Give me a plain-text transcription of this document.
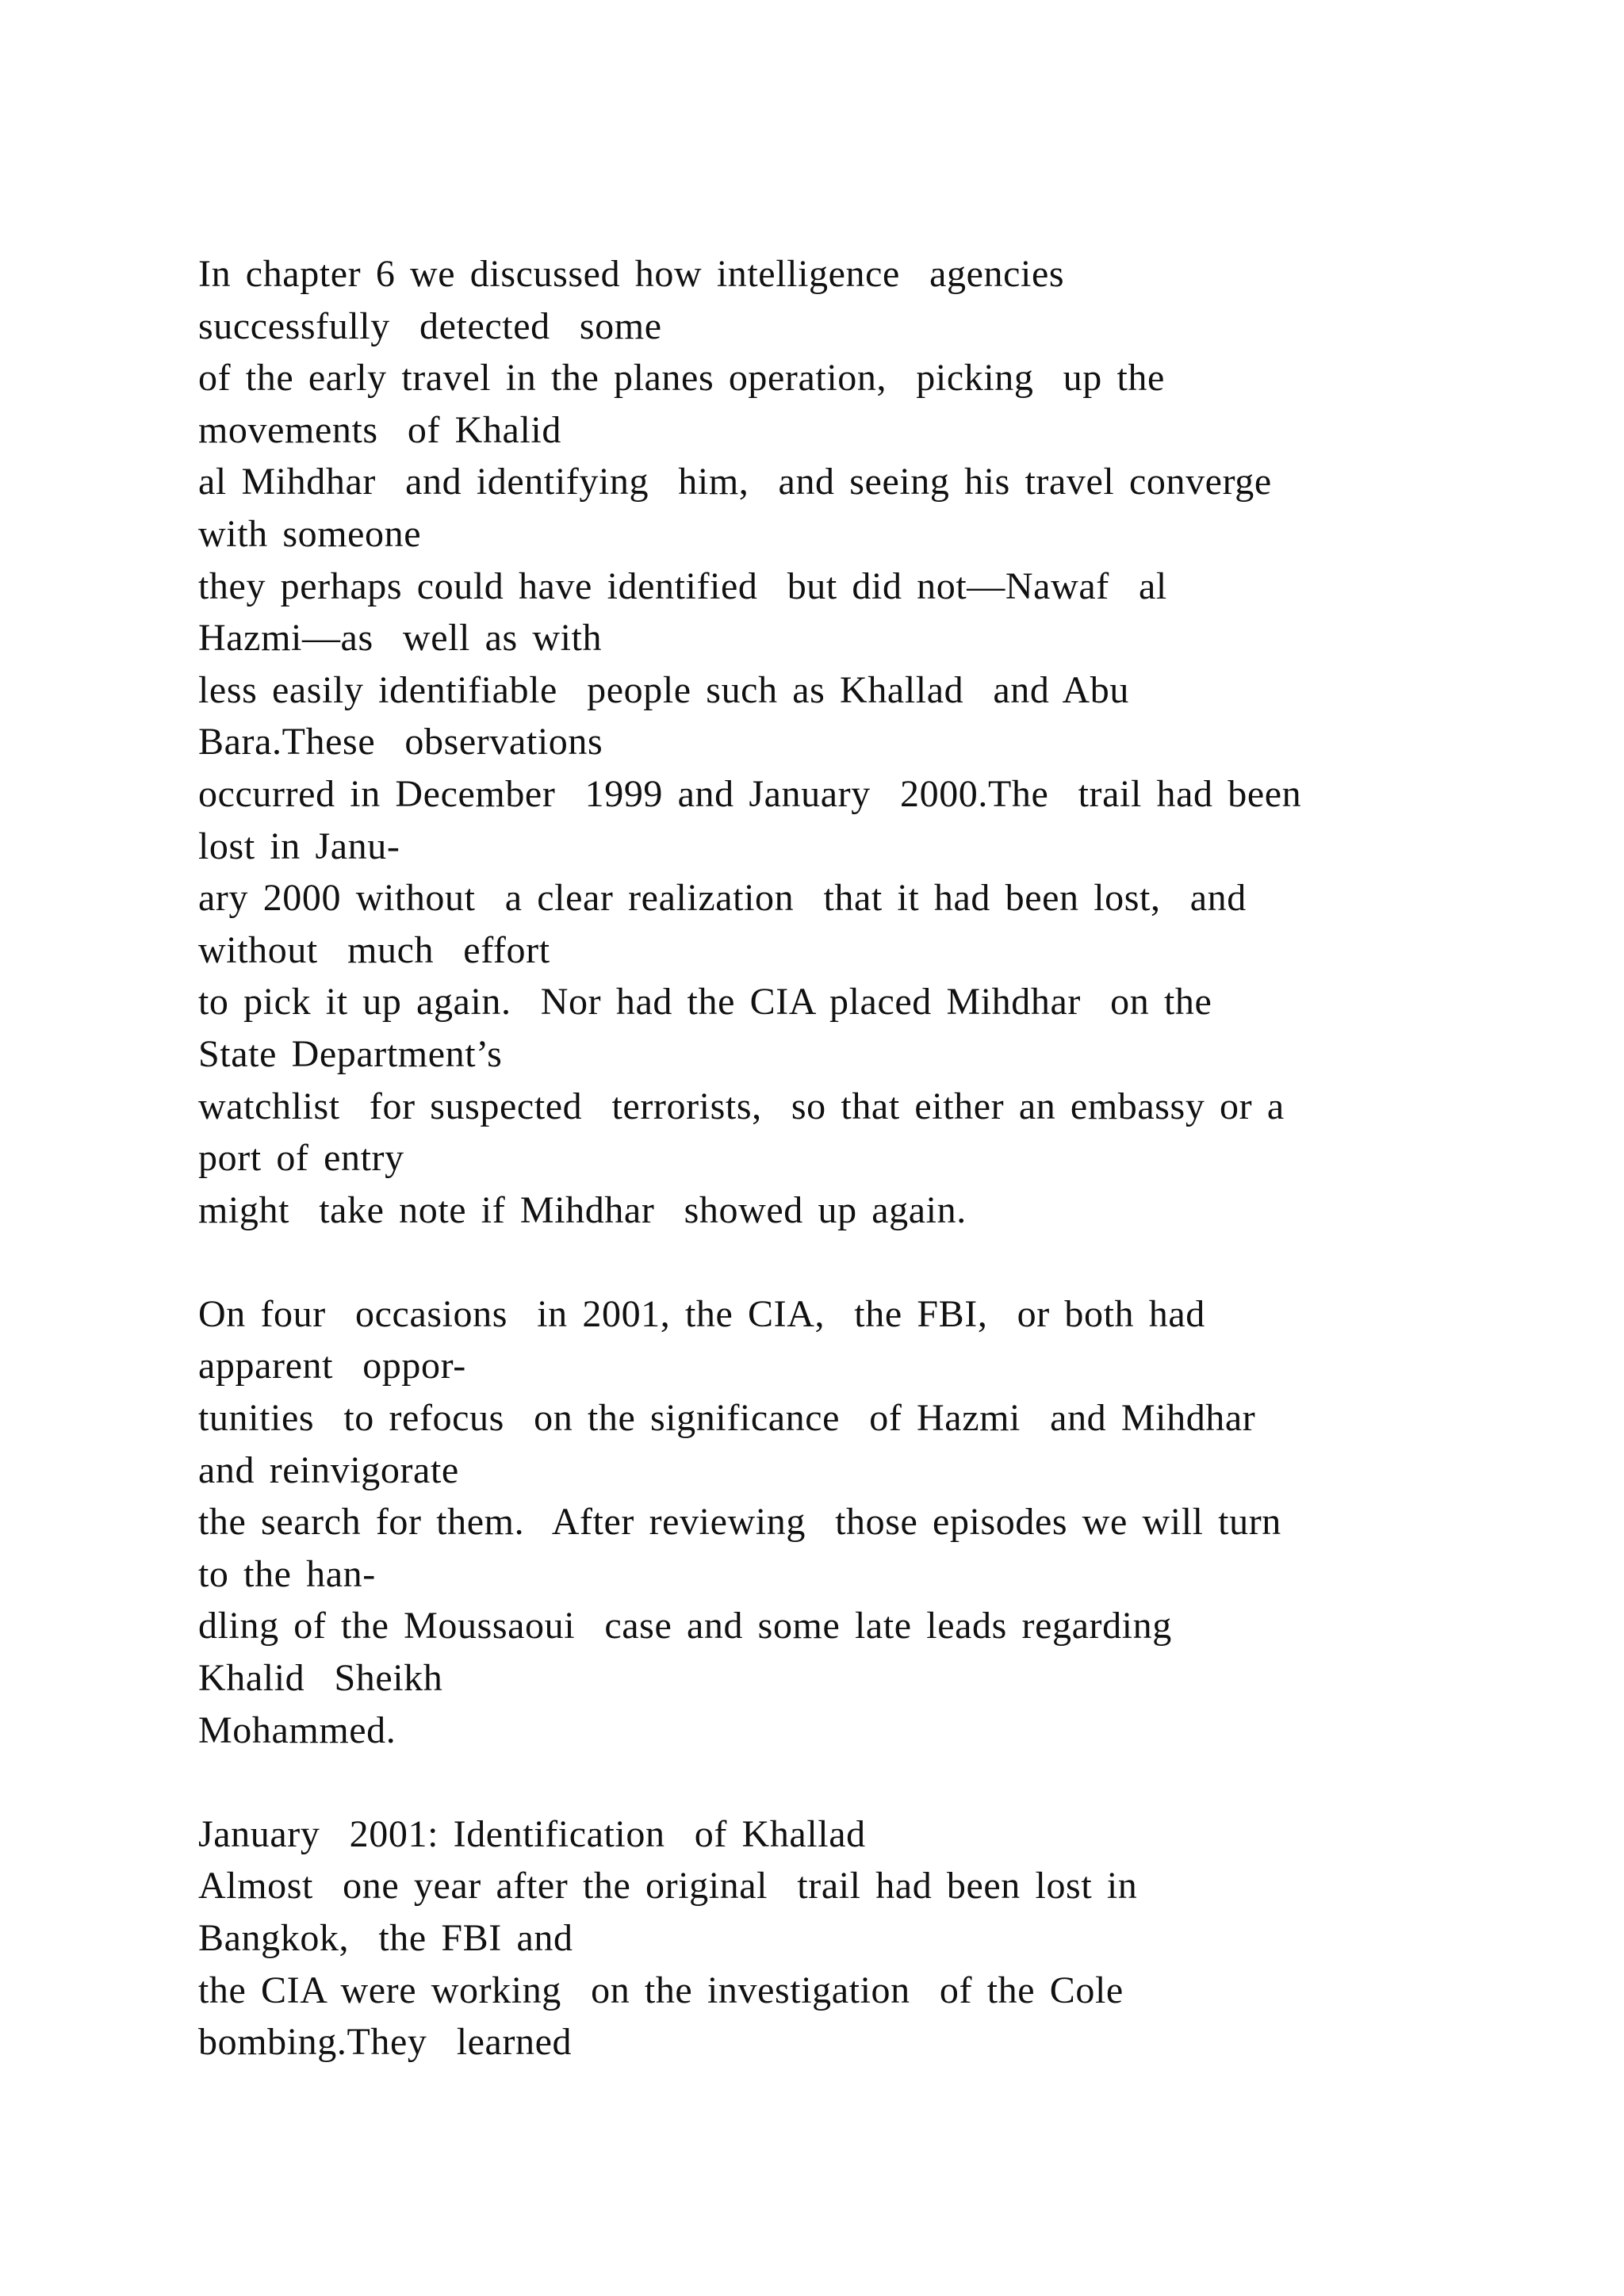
In chapter 6 we discussed how intelligence  agencies
successfully  detected  some
of the early travel in the planes operation,  picking  up the
movements  of Khalid
al Mihdhar  and identifying  him,  and seeing his travel converge
with someone
they perhaps could have identified  but did not—Nawaf  al
Hazmi—as  well as with
less easily identifiable  people such as Khallad  and Abu
Bara.These  observations
occurred in December  1999 and January  2000.The  trail had been
lost in Janu-
ary 2000 without  a clear realization  that it had been lost,  and
without  much  effort
to pick it up again.  Nor had the CIA placed Mihdhar  on the
State Department’s
watchlist  for suspected  terrorists,  so that either an embassy or a
port of entry
might  take note if Mihdhar  showed up again.
On four  occasions  in 2001, the CIA,  the FBI,  or both had
apparent  oppor-
tunities  to refocus  on the significance  of Hazmi  and Mihdhar
and reinvigorate
the search for them.  After reviewing  those episodes we will turn
to the han-
dling of the Moussaoui  case and some late leads regarding
Khalid  Sheikh
Mohammed.
January  2001: Identification  of Khallad
Almost  one year after the original  trail had been lost in
Bangkok,  the FBI and
the CIA were working  on the investigation  of the Cole
bombing.They  learned
